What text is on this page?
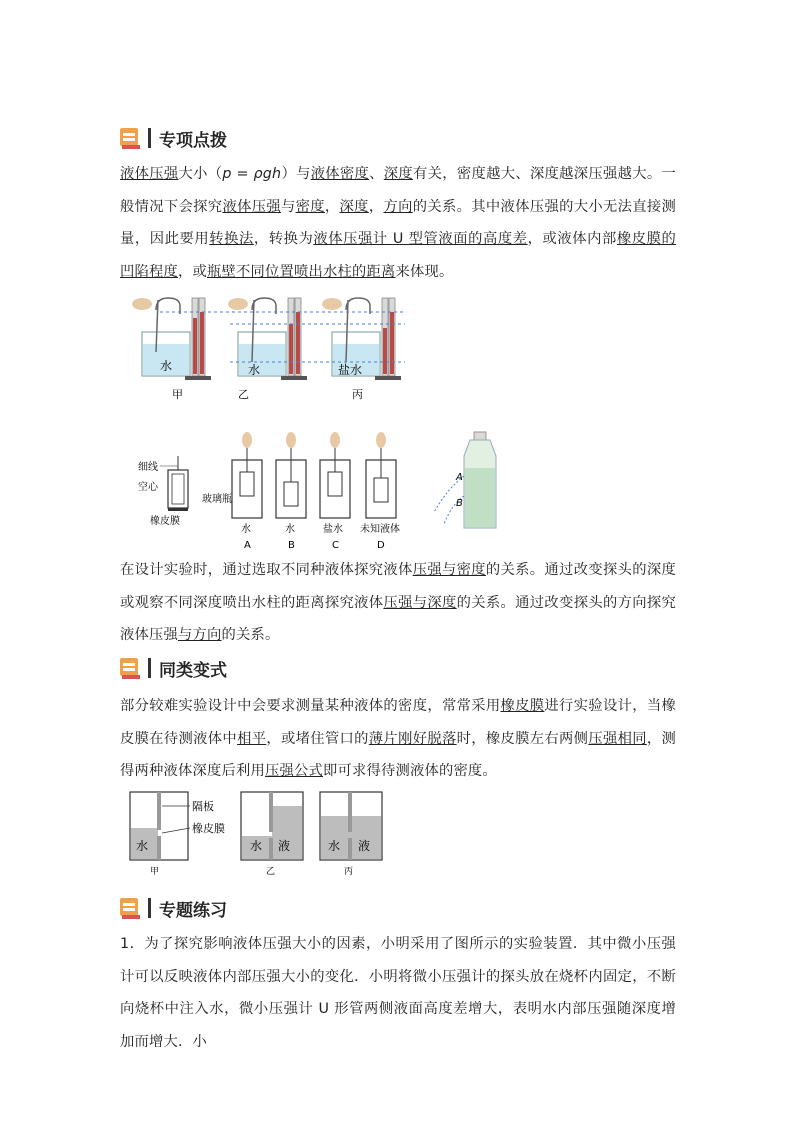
专项点拨
液体压强大小（p = ρgh）与液体密度、深度有关，密度越大、深度越深压强越大。一般情况下会探究液体压强与密度，深度，方向的关系。其中液体压强的大小无法直接测量，因此要用转换法，转换为液体压强计 U 型管液面的高度差，或液体内部橡皮膜的凹陷程度，或瓶壁不同位置喷出水柱的距离来体现。
水	水	盐水
甲	乙	丙
细线
空心
玻璃瓶
橡皮膜
水	水	盐水 未知液体
A	B	C	D
A
B
在设计实验时，通过选取不同种液体探究液体压强与密度的关系。通过改变探头的深度或观察不同深度喷出水柱的距离探究液体压强与深度的关系。通过改变探头的方向探究液体压强与方向的关系。
同类变式
部分较难实验设计中会要求测量某种液体的密度，常常采用橡皮膜进行实验设计，当橡皮膜在待测液体中相平，或堵住管口的薄片刚好脱落时，橡皮膜左右两侧压强相同，测得两种液体深度后利用压强公式即可求得待测液体的密度。
隔板
橡皮膜
水
甲
水 液
乙
水 液
丙
专题练习
1．为了探究影响液体压强大小的因素，小明采用了图所示的实验装置．其中微小压强计可以反映液体内部压强大小的变化．小明将微小压强计的探头放在烧杯内固定，不断向烧杯中注入水，微小压强计 U 形管两侧液面高度差增大，表明水内部压强随深度增加而增大．小
